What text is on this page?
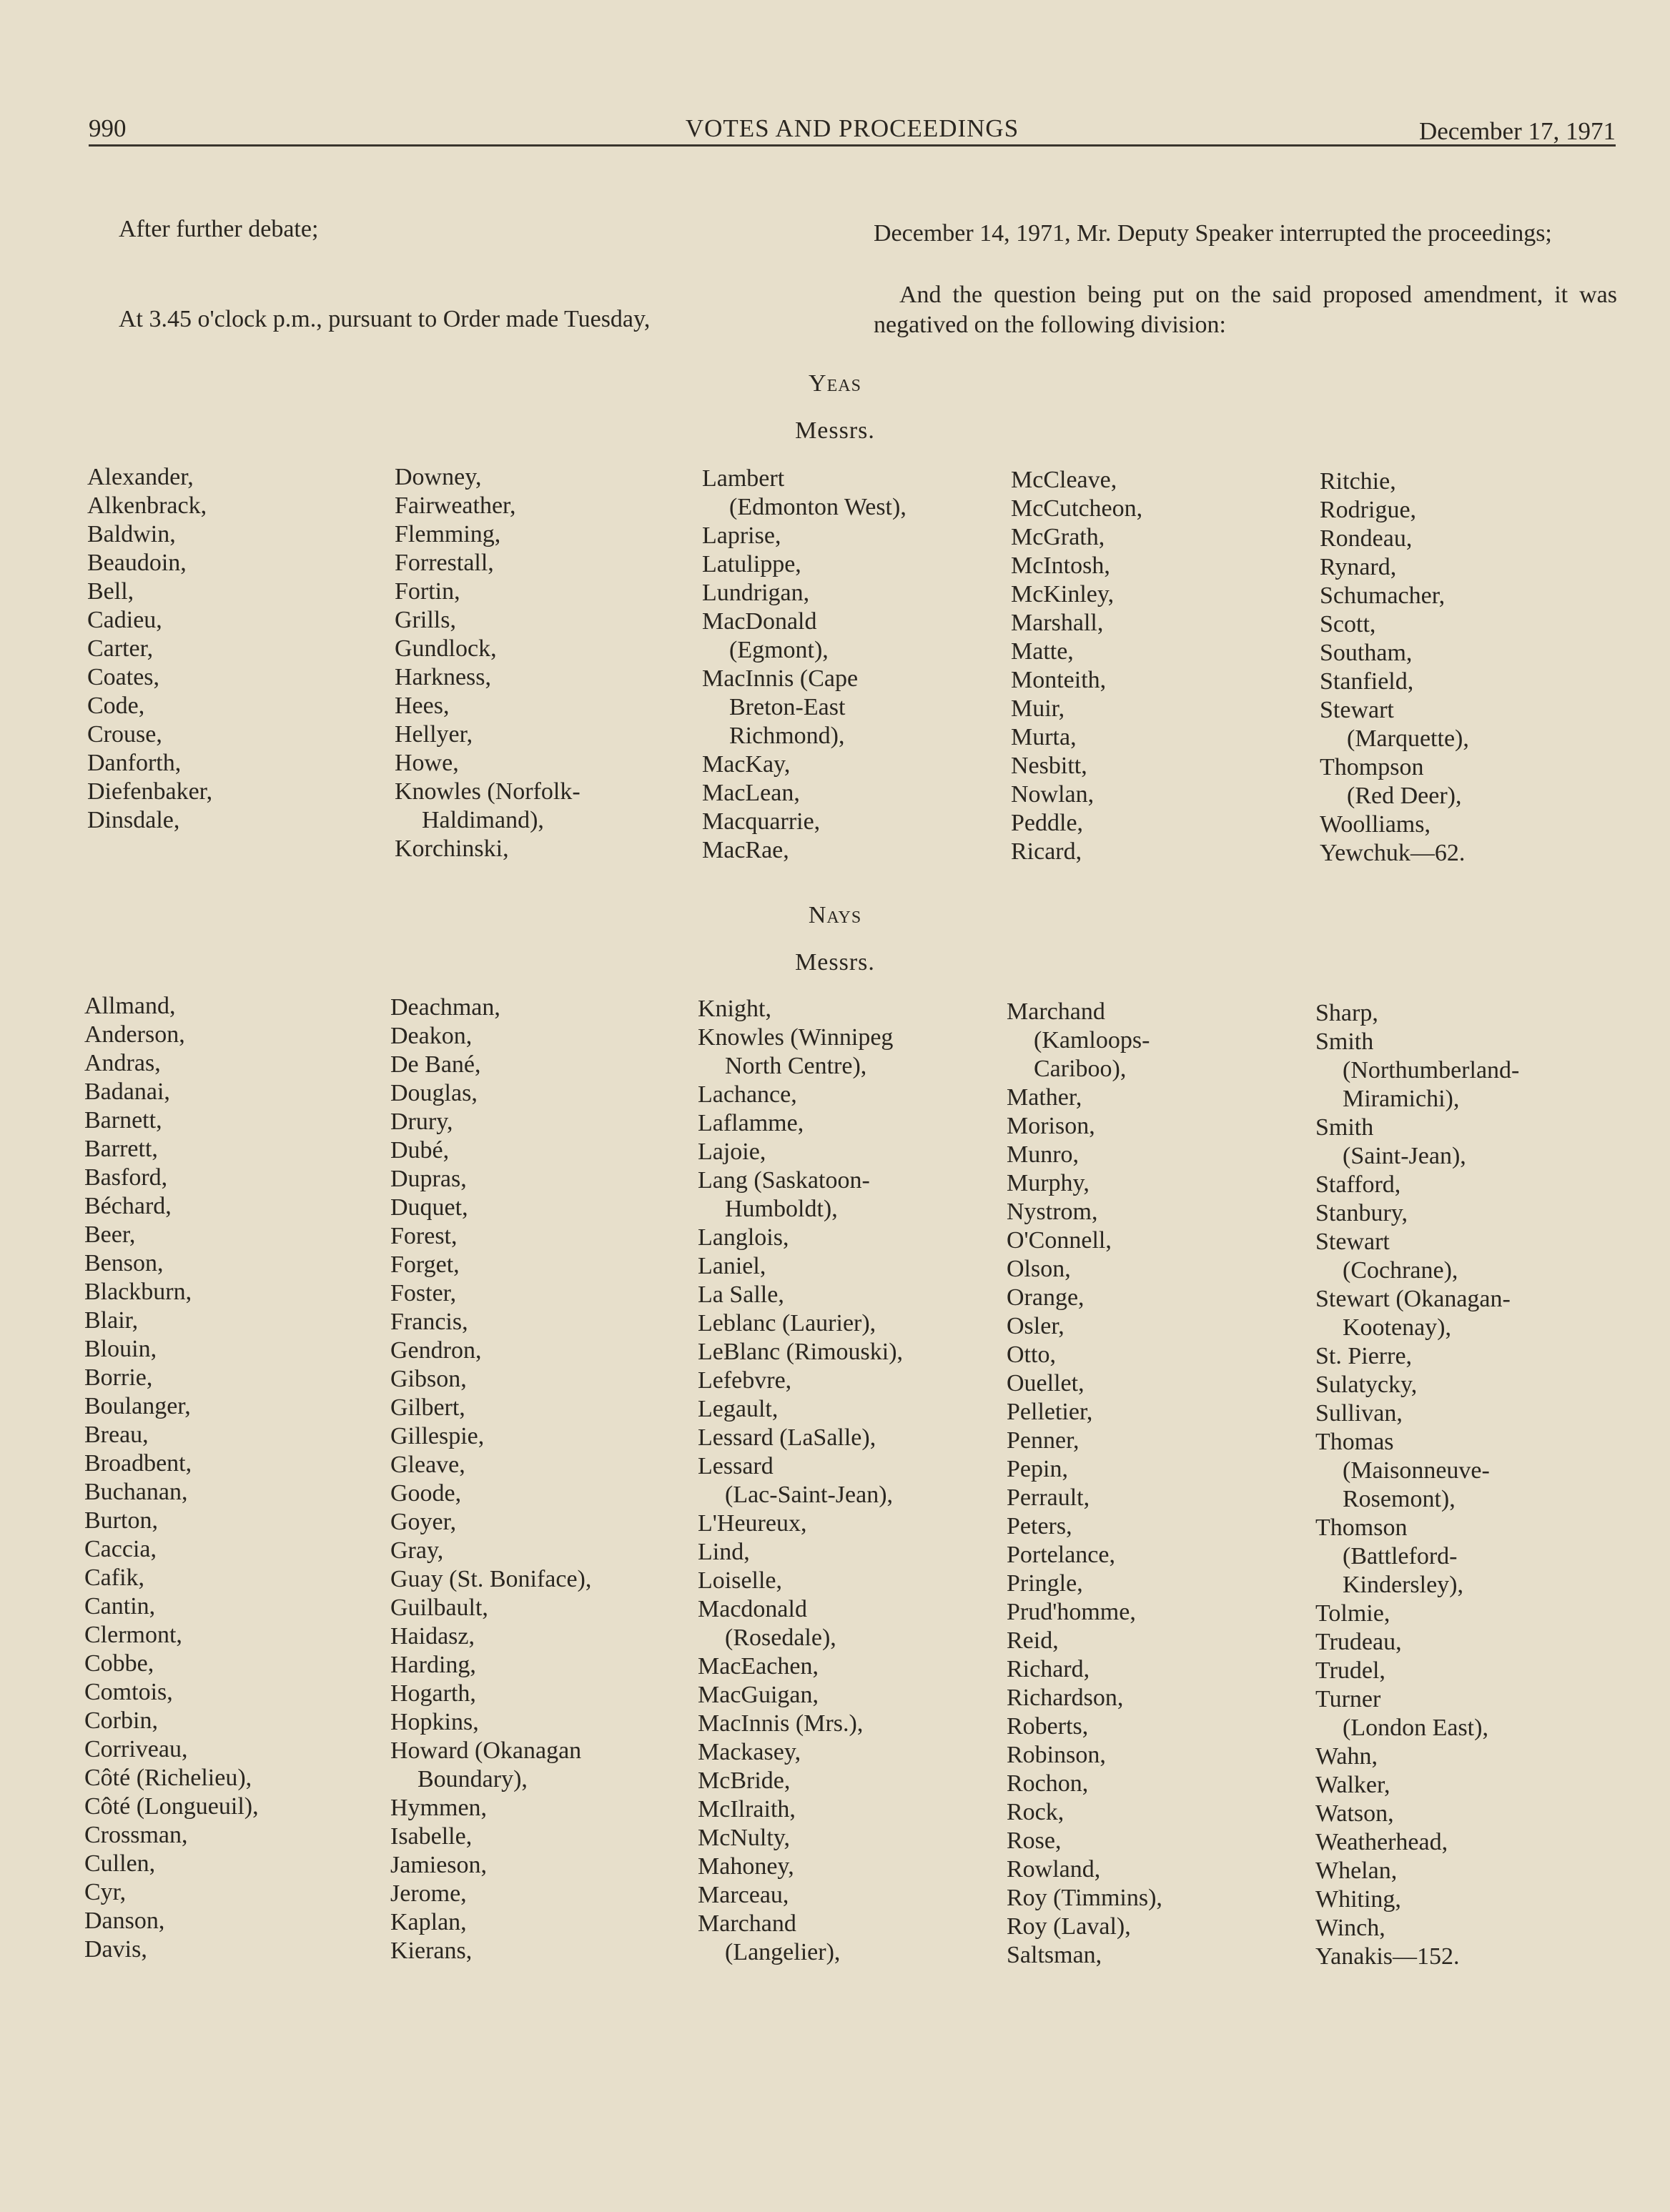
990	VOTES AND PROCEEDINGS	December 17, 1971
After further debate;
At 3.45 o'clock p.m., pursuant to Order made Tuesday,
December 14, 1971, Mr. Deputy Speaker interrupted the proceedings;
And the question being put on the said proposed amendment, it was negatived on the following division:
Yeas
Messrs.
Alexander,
Alkenbrack,
Baldwin,
Beaudoin,
Bell,
Cadieu,
Carter,
Coates,
Code,
Crouse,
Danforth,
Diefenbaker,
Dinsdale,
Downey,
Fairweather,
Flemming,
Forrestall,
Fortin,
Grills,
Gundlock,
Harkness,
Hees,
Hellyer,
Howe,
Knowles (Norfolk-
Haldimand),
Korchinski,
Lambert
(Edmonton West),
Laprise,
Latulippe,
Lundrigan,
MacDonald
(Egmont),
MacInnis (Cape
Breton-East
Richmond),
MacKay,
MacLean,
Macquarrie,
MacRae,
McCleave,
McCutcheon,
McGrath,
McIntosh,
McKinley,
Marshall,
Matte,
Monteith,
Muir,
Murta,
Nesbitt,
Nowlan,
Peddle,
Ricard,
Ritchie,
Rodrigue,
Rondeau,
Rynard,
Schumacher,
Scott,
Southam,
Stanfield,
Stewart
(Marquette),
Thompson
(Red Deer),
Woolliams,
Yewchuk—62.
Nays
Messrs.
Allmand,
Anderson,
Andras,
Badanai,
Barnett,
Barrett,
Basford,
Béchard,
Beer,
Benson,
Blackburn,
Blair,
Blouin,
Borrie,
Boulanger,
Breau,
Broadbent,
Buchanan,
Burton,
Caccia,
Cafik,
Cantin,
Clermont,
Cobbe,
Comtois,
Corbin,
Corriveau,
Côté (Richelieu),
Côté (Longueuil),
Crossman,
Cullen,
Cyr,
Danson,
Davis,
Deachman,
Deakon,
De Bané,
Douglas,
Drury,
Dubé,
Dupras,
Duquet,
Forest,
Forget,
Foster,
Francis,
Gendron,
Gibson,
Gilbert,
Gillespie,
Gleave,
Goode,
Goyer,
Gray,
Guay (St. Boniface),
Guilbault,
Haidasz,
Harding,
Hogarth,
Hopkins,
Howard (Okanagan
Boundary),
Hymmen,
Isabelle,
Jamieson,
Jerome,
Kaplan,
Kierans,
Knight,
Knowles (Winnipeg
North Centre),
Lachance,
Laflamme,
Lajoie,
Lang (Saskatoon-
Humboldt),
Langlois,
Laniel,
La Salle,
Leblanc (Laurier),
LeBlanc (Rimouski),
Lefebvre,
Legault,
Lessard (LaSalle),
Lessard
(Lac-Saint-Jean),
L'Heureux,
Lind,
Loiselle,
Macdonald
(Rosedale),
MacEachen,
MacGuigan,
MacInnis (Mrs.),
Mackasey,
McBride,
McIlraith,
McNulty,
Mahoney,
Marceau,
Marchand
(Langelier),
Marchand
(Kamloops-
Cariboo),
Mather,
Morison,
Munro,
Murphy,
Nystrom,
O'Connell,
Olson,
Orange,
Osler,
Otto,
Ouellet,
Pelletier,
Penner,
Pepin,
Perrault,
Peters,
Portelance,
Pringle,
Prud'homme,
Reid,
Richard,
Richardson,
Roberts,
Robinson,
Rochon,
Rock,
Rose,
Rowland,
Roy (Timmins),
Roy (Laval),
Saltsman,
Sharp,
Smith
(Northumberland-
Miramichi),
Smith
(Saint-Jean),
Stafford,
Stanbury,
Stewart
(Cochrane),
Stewart (Okanagan-
Kootenay),
St. Pierre,
Sulatycky,
Sullivan,
Thomas
(Maisonneuve-
Rosemont),
Thomson
(Battleford-
Kindersley),
Tolmie,
Trudeau,
Trudel,
Turner
(London East),
Wahn,
Walker,
Watson,
Weatherhead,
Whelan,
Whiting,
Winch,
Yanakis—152.
